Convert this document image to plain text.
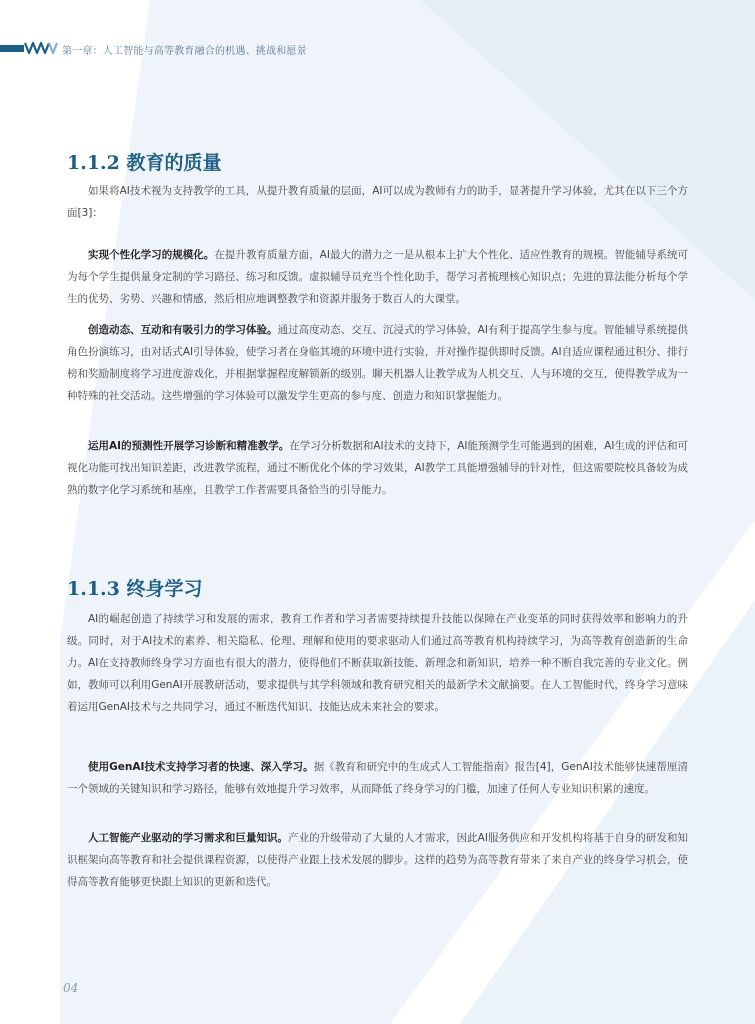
第一章：人工智能与高等教育融合的机遇、挑战和愿景
1.1.2 教育的质量

如果将AI技术视为支持教学的工具，从提升教育质量的层面，AI可以成为教师有力的助手，显著提升学习体验，尤其在以下三个方面[3]：

实现个性化学习的规模化。在提升教育质量方面，AI最大的潜力之一是从根本上扩大个性化、适应性教育的规模。智能辅导系统可为每个学生提供量身定制的学习路径、练习和反馈。虚拟辅导员充当个性化助手，帮学习者梳理核心知识点；先进的算法能分析每个学生的优势、劣势、兴趣和情感，然后相应地调整教学和资源并服务于数百人的大课堂。

创造动态、互动和有吸引力的学习体验。通过高度动态、交互、沉浸式的学习体验，AI有利于提高学生参与度。智能辅导系统提供角色扮演练习，由对话式AI引导体验，使学习者在身临其境的环境中进行实验，并对操作提供即时反馈。AI自适应课程通过积分、排行榜和奖励制度将学习进度游戏化，并根据掌握程度解锁新的级别。聊天机器人让教学成为人机交互、人与环境的交互，使得教学成为一种特殊的社交活动。这些增强的学习体验可以激发学生更高的参与度、创造力和知识掌握能力。

运用AI的预测性开展学习诊断和精准教学。在学习分析数据和AI技术的支持下，AI能预测学生可能遇到的困难，AI生成的评估和可视化功能可找出知识差距，改进教学流程，通过不断优化个体的学习效果，AI教学工具能增强辅导的针对性，但这需要院校具备较为成熟的数字化学习系统和基座，且教学工作者需要具备恰当的引导能力。

1.1.3 终身学习

AI的崛起创造了持续学习和发展的需求，教育工作者和学习者需要持续提升技能以保障在产业变革的同时获得效率和影响力的升级。同时，对于AI技术的素养、相关隐私、伦理、理解和使用的要求驱动人们通过高等教育机构持续学习，为高等教育创造新的生命力。AI在支持教师终身学习方面也有很大的潜力，使得他们不断获取新技能、新理念和新知识，培养一种不断自我完善的专业文化。例如，教师可以利用GenAI开展教研活动，要求提供与其学科领域和教育研究相关的最新学术文献摘要。在人工智能时代，终身学习意味着运用GenAI技术与之共同学习，通过不断迭代知识、技能达成未来社会的要求。

使用GenAI技术支持学习者的快速、深入学习。据《教育和研究中的生成式人工智能指南》报告[4]，GenAI技术能够快速帮厘清一个领域的关键知识和学习路径，能够有效地提升学习效率，从而降低了终身学习的门槛，加速了任何人专业知识积累的速度。

人工智能产业驱动的学习需求和巨量知识。产业的升级带动了大量的人才需求，因此AI服务供应和开发机构将基于自身的研发和知识框架向高等教育和社会提供课程资源，以使得产业跟上技术发展的脚步。这样的趋势为高等教育带来了来自产业的终身学习机会，使得高等教育能够更快跟上知识的更新和迭代。

04
